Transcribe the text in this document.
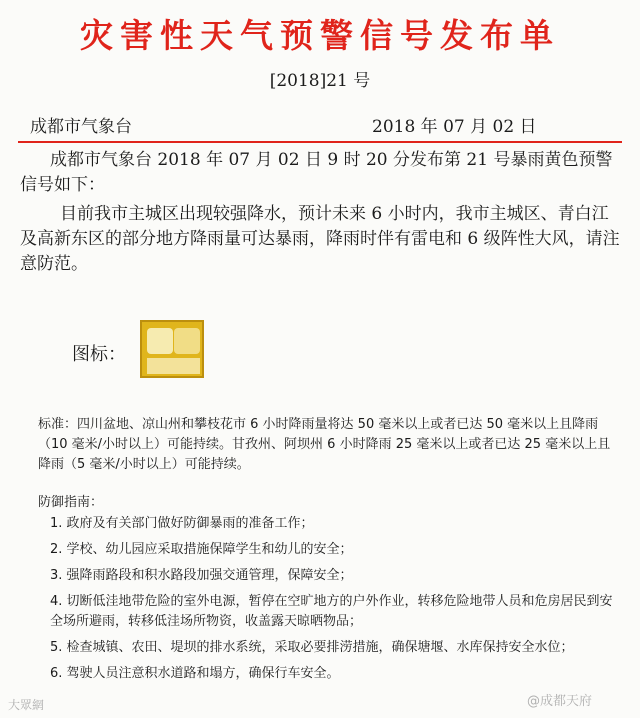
灾害性天气预警信号发布单
[2018]21 号
成都市气象台	2018 年 07 月 02 日
成都市气象台 2018 年 07 月 02 日 9 时 20 分发布第 21 号暴雨黄色预警信号如下：
目前我市主城区出现较强降水，预计未来 6 小时内，我市主城区、青白江及高新东区的部分地方降雨量可达暴雨，降雨时伴有雷电和 6 级阵性大风，请注意防范。
图标：
标准：四川盆地、凉山州和攀枝花市 6 小时降雨量将达 50 毫米以上或者已达 50 毫米以上且降雨（10 毫米/小时以上）可能持续。甘孜州、阿坝州 6 小时降雨 25 毫米以上或者已达 25 毫米以上且降雨（5 毫米/小时以上）可能持续。
防御指南：
1. 政府及有关部门做好防御暴雨的准备工作；
2. 学校、幼儿园应采取措施保障学生和幼儿的安全；
3. 强降雨路段和积水路段加强交通管理，保障安全；
4. 切断低洼地带危险的室外电源，暂停在空旷地方的户外作业，转移危险地带人员和危房居民到安全场所避雨，转移低洼场所物资，收盖露天晾晒物品；
5. 检查城镇、农田、堤坝的排水系统，采取必要排涝措施，确保塘堰、水库保持安全水位；
6. 驾驶人员注意积水道路和塌方，确保行车安全。
大眾網	@成都天府
